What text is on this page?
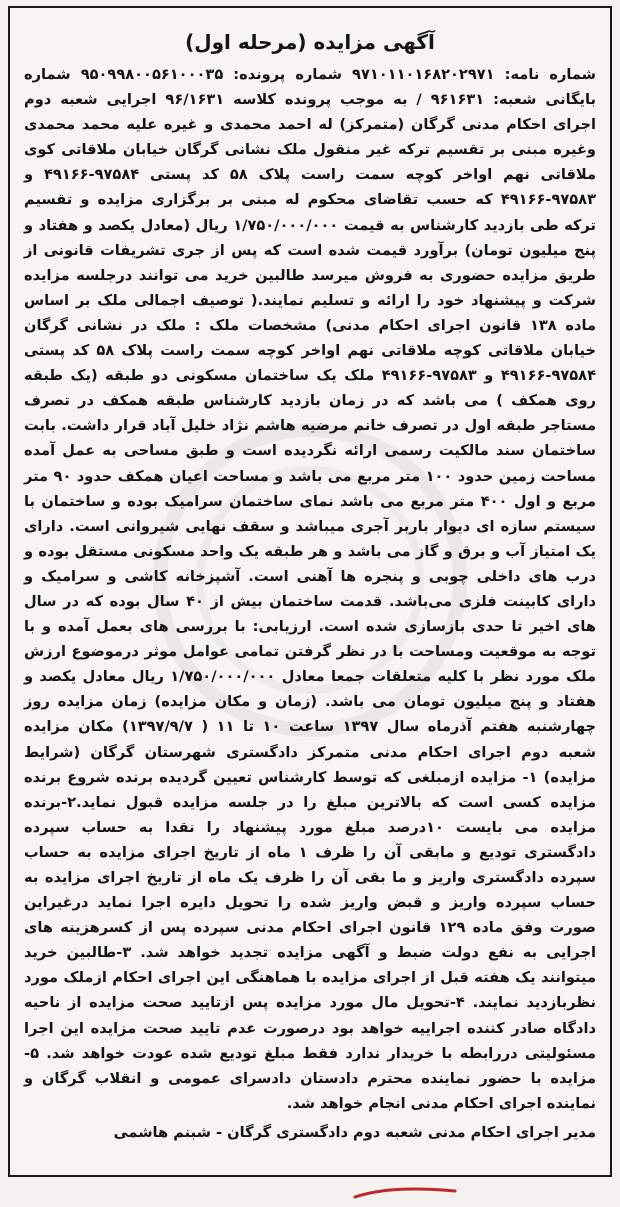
آگهی مزایده (مرحله اول)

شماره نامه: ۹۷۱۰۱۱۰۱۶۸۲۰۲۹۷۱ شماره پرونده: ۹۵۰۹۹۸۰۰۵۶۱۰۰۰۳۵ شماره بایگانی شعبه: ۹۶۱۶۳۱ / به موجب پرونده کلاسه ۹۶/۱۶۳۱ اجرایی شعبه دوم اجرای احکام مدنی گرگان (متمرکز) له احمد محمدی و غیره علیه محمد محمدی وغیره مبنی بر تقسیم ترکه غیر منقول ملک نشانی گرگان خیابان ملاقاتی کوی ملاقاتی نهم اواخر کوچه سمت راست پلاک ۵۸ کد پستی ۹۷۵۸۴-۴۹۱۶۶ و ۹۷۵۸۳-۴۹۱۶۶ که حسب تقاضای محکوم له مبنی بر برگزاری مزایده و تقسیم ترکه طی بازدید کارشناس به قیمت ۱/۷۵۰/۰۰۰/۰۰۰ ریال (معادل یکصد و هفتاد و پنج میلیون تومان) برآورد قیمت شده است که پس از جری تشریفات قانونی از طریق مزایده حضوری به فروش میرسد طالبین خرید می توانند درجلسه مزایده شرکت و پیشنهاد خود را ارائه و تسلیم نمایند.( توصیف اجمالی ملک بر اساس ماده ۱۳۸ قانون اجرای احکام مدنی) مشخصات ملک : ملک در نشانی گرگان خیابان ملاقاتی کوچه ملاقاتی نهم اواخر کوچه سمت راست پلاک ۵۸ کد پستی ۹۷۵۸۴-۴۹۱۶۶ و ۹۷۵۸۳-۴۹۱۶۶ ملک یک ساختمان مسکونی دو طبقه (یک طبقه روی همکف ) می باشد که در زمان بازدید کارشناس طبقه همکف در تصرف مستاجر طبقه اول در تصرف خانم مرضیه هاشم نژاد خلیل آباد قرار داشت. بابت ساختمان سند مالکیت رسمی ارائه نگردیده است و طبق مساحی به عمل آمده مساحت زمین حدود ۱۰۰ متر مربع می باشد و مساحت اعیان همکف حدود ۹۰ متر مربع و اول ۴۰۰ متر مربع می باشد نمای ساختمان سرامیک بوده و ساختمان با سیستم سازه ای دیوار باربر آجری میباشد و سقف نهایی شیروانی است. دارای یک امتیاز آب و برق و گاز می باشد و هر طبقه یک واحد مسکونی مستقل بوده و درب های داخلی چوبی و پنجره ها آهنی است. آشپزخانه کاشی و سرامیک و دارای کابینت فلزی می‌باشد. قدمت ساختمان بیش از ۴۰ سال بوده که در سال های اخیر تا حدی بازسازی شده است. ارزیابی: با بررسی های بعمل آمده و با توجه به موقعیت ومساحت با در نظر گرفتن تمامی عوامل موثر درموضوع ارزش ملک مورد نظر با کلیه متعلقات جمعا معادل ۱/۷۵۰/۰۰۰/۰۰۰ ریال معادل یکصد و هفتاد و پنج میلیون تومان می باشد. (زمان و مکان مزایده) زمان مزایده روز چهارشنبه هفتم آذرماه سال ۱۳۹۷ ساعت ۱۰ تا ۱۱ ( ۱۳۹۷/۹/۷) مکان مزایده شعبه دوم اجرای احکام مدنی متمرکز دادگستری شهرستان گرگان (شرایط مزایده) ۱- مزایده ازمبلغی که توسط کارشناس تعیین گردیده برنده شروع برنده مزایده کسی است که بالاترین مبلغ را در جلسه مزایده قبول نماید.۲-برنده مزایده می بایست ۱۰درصد مبلغ مورد پیشنهاد را نقدا به حساب سپرده دادگستری تودیع و مابقی آن را ظرف ۱ ماه از تاریخ اجرای مزایده به حساب سپرده دادگستری واریز و ما بقی آن را ظرف یک ماه از تاریخ اجرای مزایده به حساب سپرده واریز و قبض واریز شده را تحویل دایره اجرا نماید درغیراین صورت وفق ماده ۱۲۹ قانون اجرای احکام مدنی سپرده پس از کسرهزینه های اجرایی به نفع دولت ضبط و آگهی مزایده تجدید خواهد شد. ۳-طالبین خرید میتوانند یک هفته قبل از اجرای مزایده با هماهنگی این اجرای احکام ازملک مورد نظربازدید نمایند. ۴-تحویل مال مورد مزایده پس ازتایید صحت مزایده از ناحیه دادگاه صادر کننده اجراییه خواهد بود درصورت عدم تایید صحت مزایده این اجرا مسئولیتی دررابطه با خریدار ندارد فقط مبلغ تودیع شده عودت خواهد شد. ۵- مزایده با حضور نماینده محترم دادستان دادسرای عمومی و انقلاب گرگان و نماینده اجرای احکام مدنی انجام خواهد شد.

مدیر اجرای احکام مدنی شعبه دوم دادگستری گرگان - شبنم هاشمی
